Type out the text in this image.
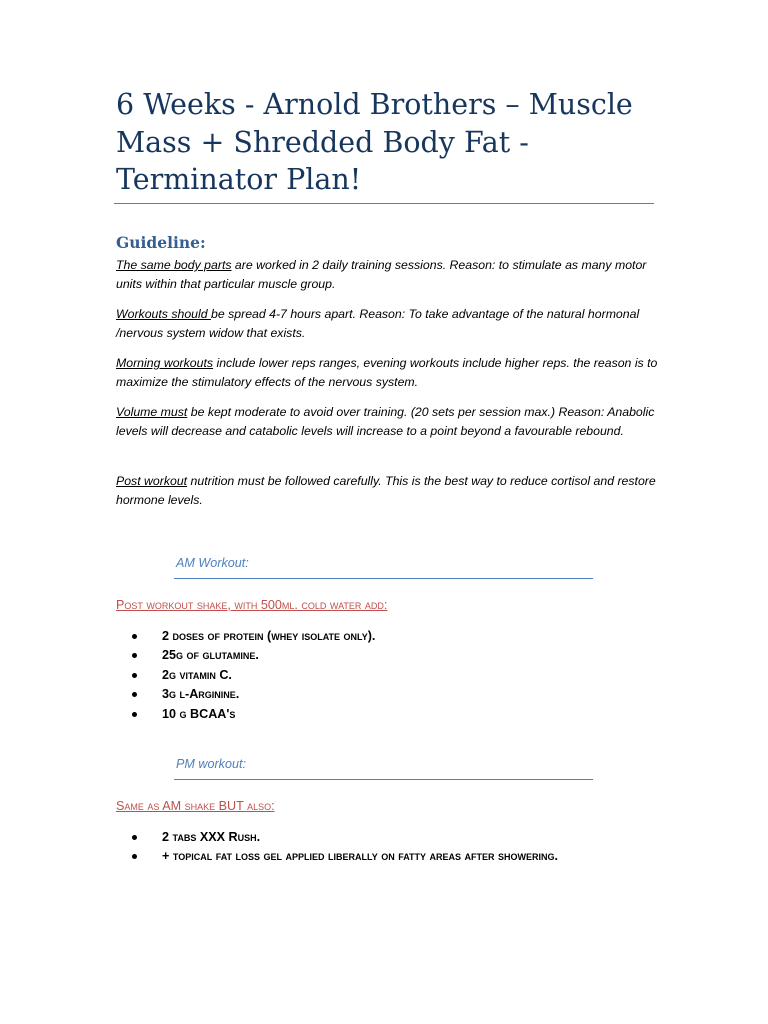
6 Weeks - Arnold Brothers – Muscle Mass + Shredded Body Fat - Terminator Plan!
Guideline:

The same body parts are worked in 2 daily training sessions. Reason: to stimulate as many motor units within that particular muscle group.

Workouts should be spread 4-7 hours apart. Reason: To take advantage of the natural hormonal /nervous system widow that exists.

Morning workouts include lower reps ranges, evening workouts include higher reps. the reason is to maximize the stimulatory effects of the nervous system.

Volume must be kept moderate to avoid over training. (20 sets per session max.) Reason: Anabolic levels will decrease and catabolic levels will increase to a point beyond a favourable rebound.

Post workout nutrition must be followed carefully. This is the best way to reduce cortisol and restore hormone levels.

AM Workout:

Post workout shake, with 500ml. cold water add:

2 doses of protein (whey isolate only).
25g of glutamine.
2g vitamin C.
3g l-Arginine.
10 g BCAA's
PM workout:

Same as AM shake BUT also:

2 tabs XXX Rush.
+ topical fat loss gel applied liberally on fatty areas after showering.
